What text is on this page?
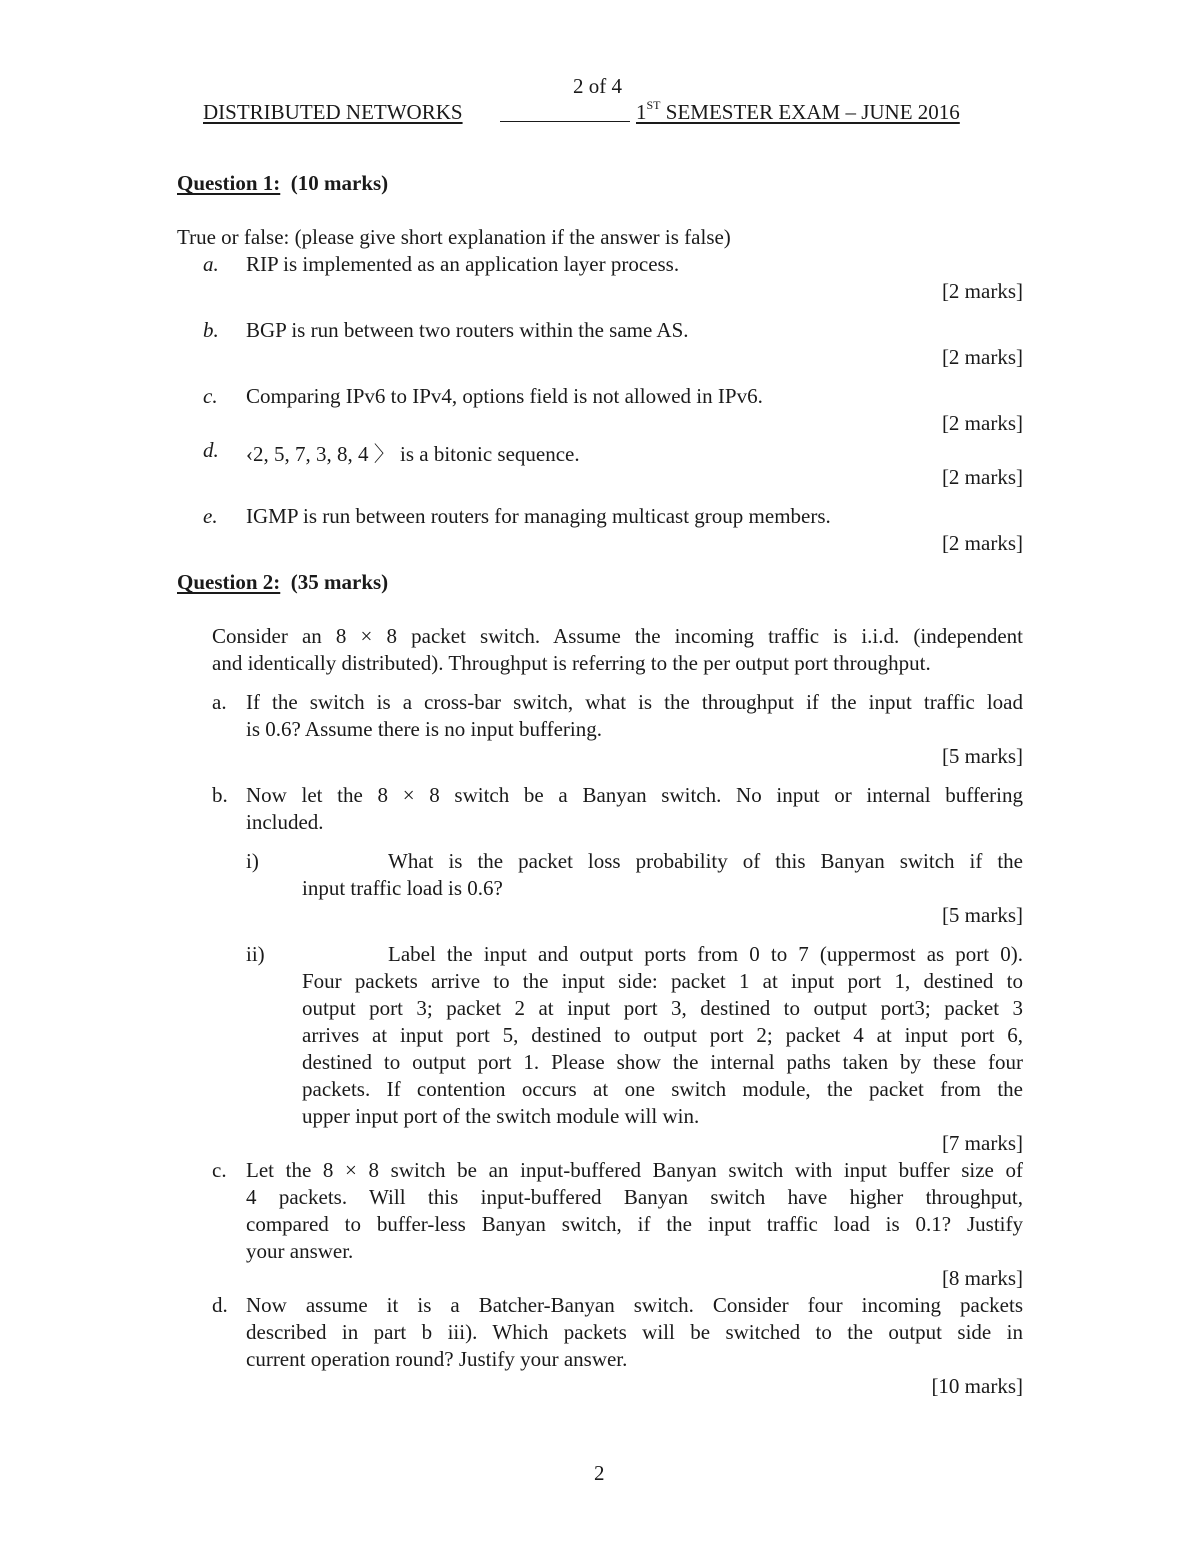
2 of 4
DISTRIBUTED NETWORKS	1ST SEMESTER EXAM – JUNE 2016
Question 1: (10 marks)
True or false: (please give short explanation if the answer is false)
a. RIP is implemented as an application layer process.
[2 marks]
b. BGP is run between two routers within the same AS.
[2 marks]
c. Comparing IPv6 to IPv4, options field is not allowed in IPv6.
[2 marks]
d. ‹2, 5, 7, 3, 8, 4 〉 is a bitonic sequence.
[2 marks]
e. IGMP is run between routers for managing multicast group members.
[2 marks]
Question 2: (35 marks)
Consider an 8 × 8 packet switch. Assume the incoming traffic is i.i.d. (independent
and identically distributed). Throughput is referring to the per output port throughput.
a. If the switch is a cross-bar switch, what is the throughput if the input traffic load
is 0.6? Assume there is no input buffering.
[5 marks]
b. Now let the 8 × 8 switch be a Banyan switch. No input or internal buffering
included.
i)	What is the packet loss probability of this Banyan switch if the
input traffic load is 0.6?
[5 marks]
ii)	Label the input and output ports from 0 to 7 (uppermost as port 0).
Four packets arrive to the input side: packet 1 at input port 1, destined to
output port 3; packet 2 at input port 3, destined to output port3; packet 3
arrives at input port 5, destined to output port 2; packet 4 at input port 6,
destined to output port 1. Please show the internal paths taken by these four
packets. If contention occurs at one switch module, the packet from the
upper input port of the switch module will win.
[7 marks]
c. Let the 8 × 8 switch be an input-buffered Banyan switch with input buffer size of
4 packets. Will this input-buffered Banyan switch have higher throughput,
compared to buffer-less Banyan switch, if the input traffic load is 0.1? Justify
your answer.
[8 marks]
d. Now assume it is a Batcher-Banyan switch. Consider four incoming packets
described in part b iii). Which packets will be switched to the output side in
current operation round? Justify your answer.
[10 marks]
2
